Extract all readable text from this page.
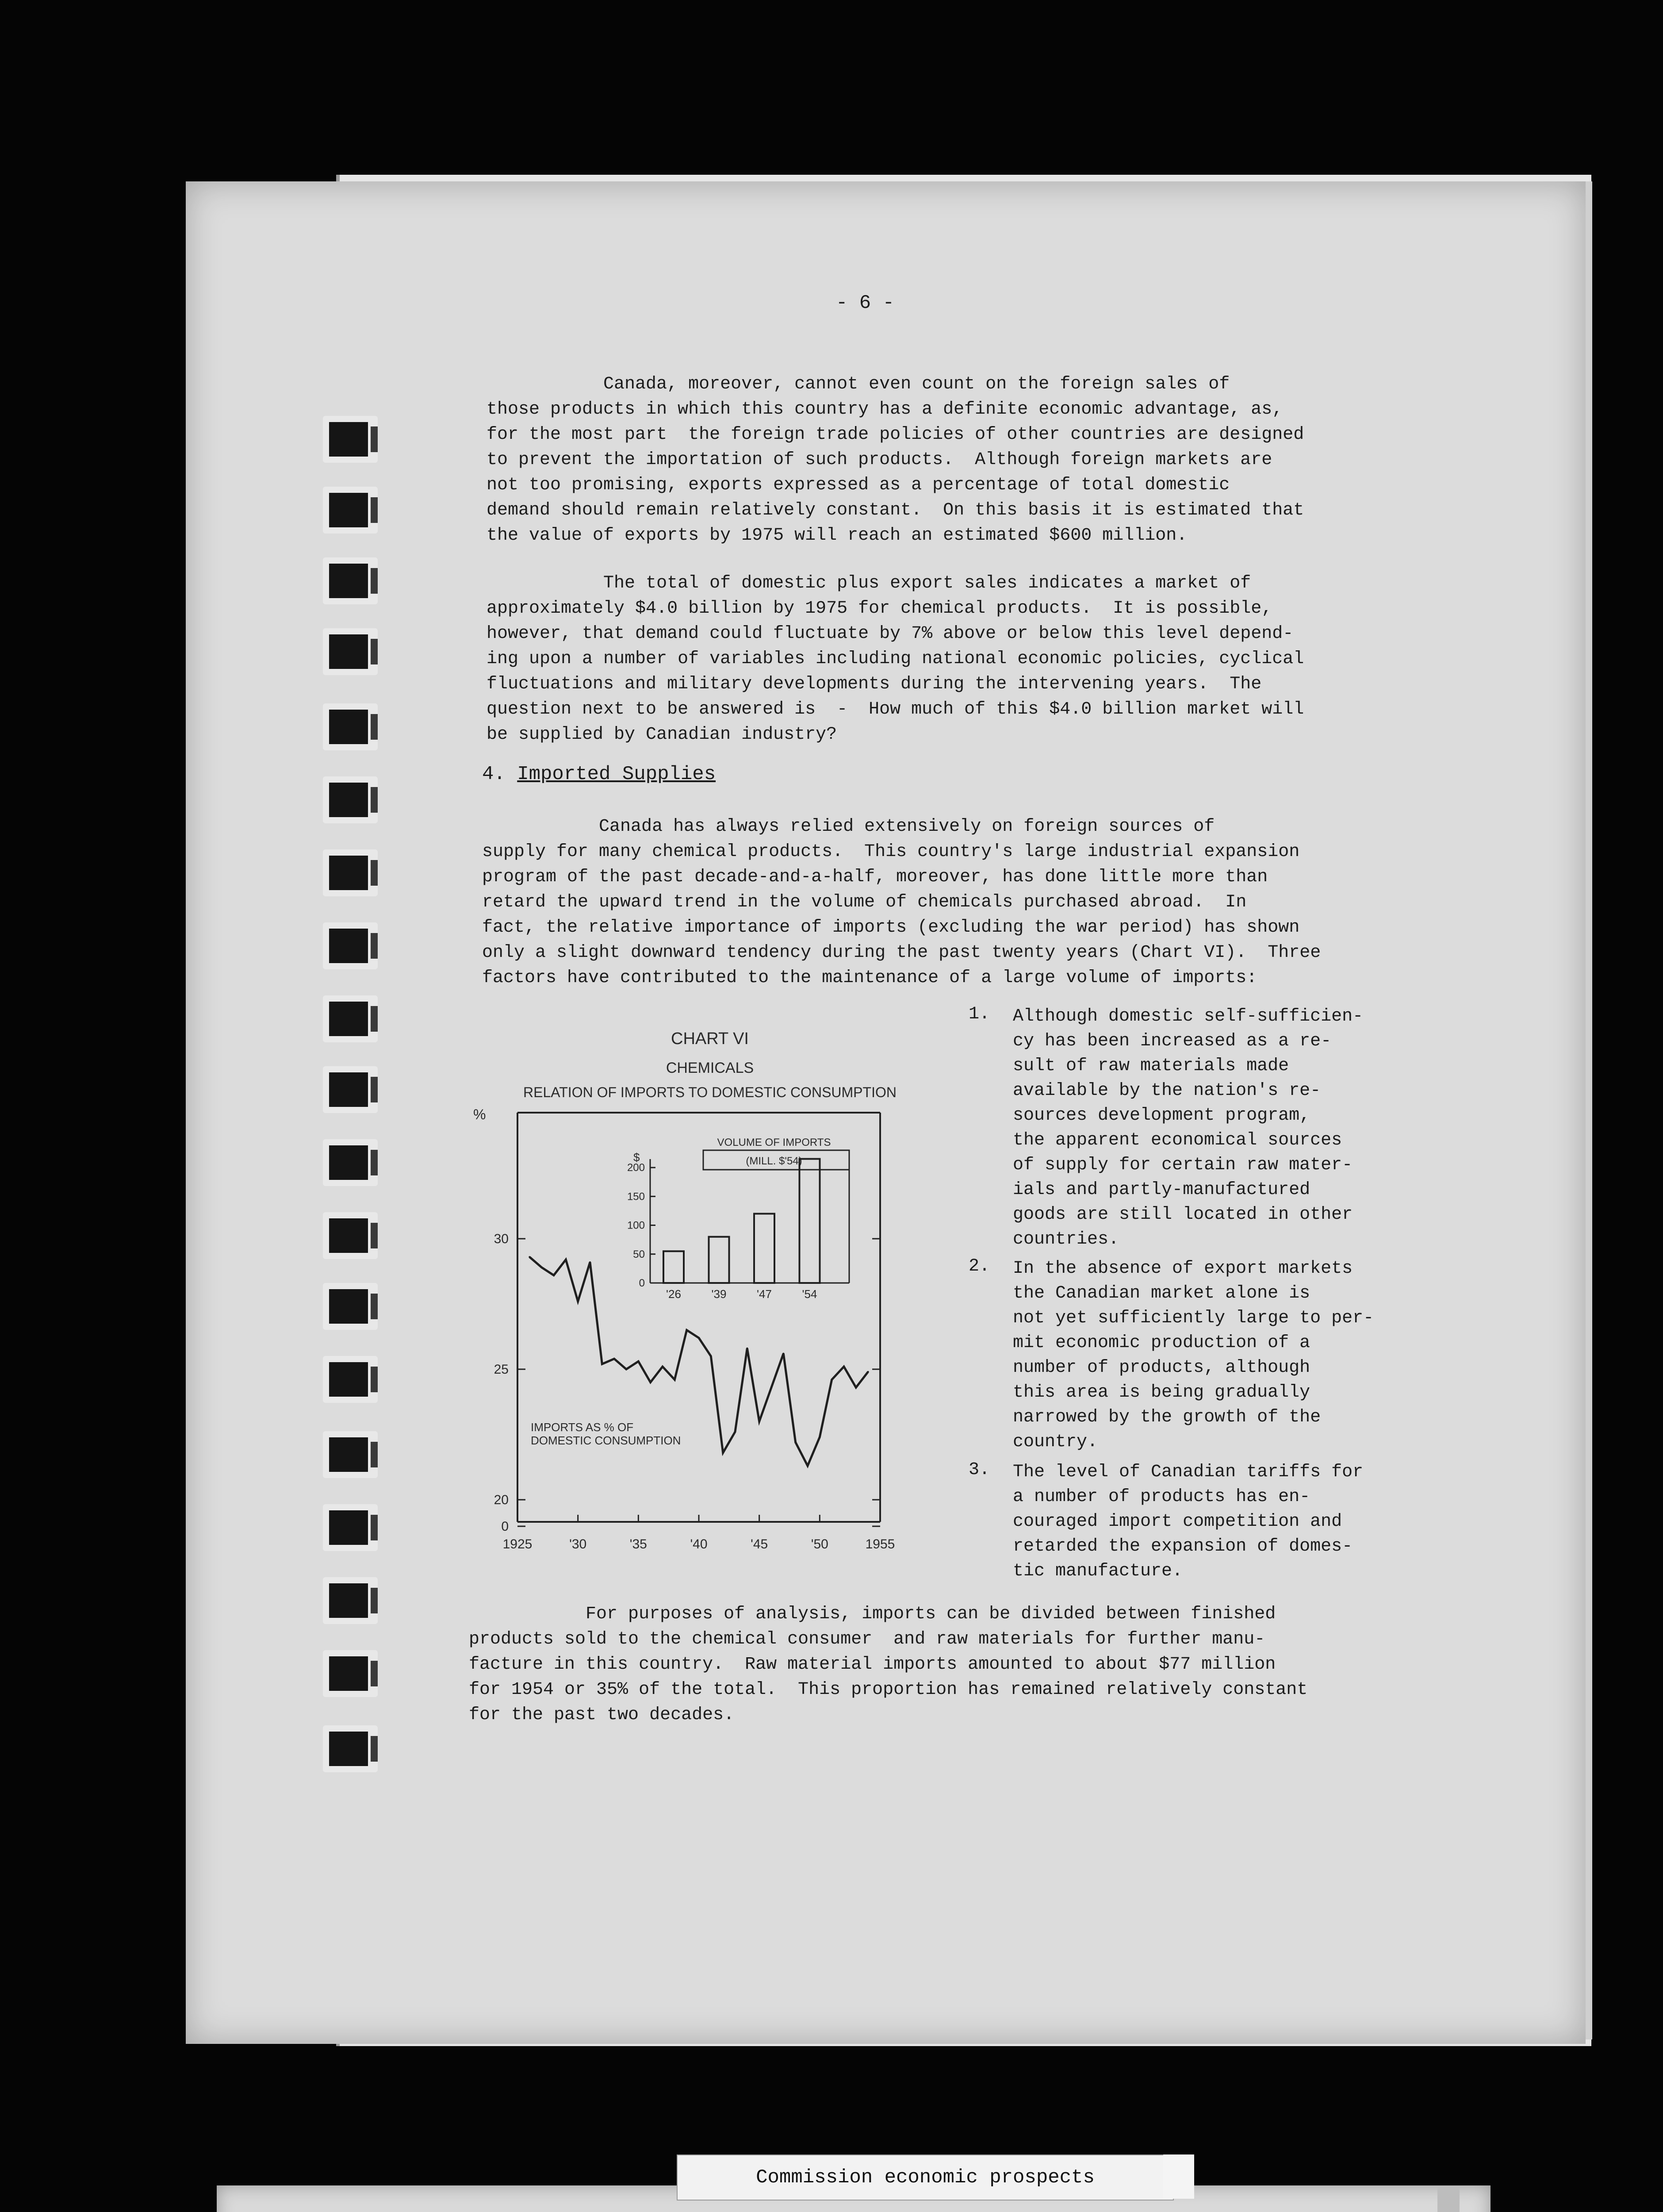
- 6 -
Canada, moreover, cannot even count on the foreign sales of
those products in which this country has a definite economic advantage, as,
for the most part  the foreign trade policies of other countries are designed
to prevent the importation of such products.  Although foreign markets are
not too promising, exports expressed as a percentage of total domestic
demand should remain relatively constant.  On this basis it is estimated that
the value of exports by 1975 will reach an estimated $600 million.
The total of domestic plus export sales indicates a market of
approximately $4.0 billion by 1975 for chemical products.  It is possible,
however, that demand could fluctuate by 7% above or below this level depend-
ing upon a number of variables including national economic policies, cyclical
fluctuations and military developments during the intervening years.  The
question next to be answered is  -  How much of this $4.0 billion market will
be supplied by Canadian industry?
4. Imported Supplies
Canada has always relied extensively on foreign sources of
supply for many chemical products.  This country's large industrial expansion
program of the past decade-and-a-half, moreover, has done little more than
retard the upward trend in the volume of chemicals purchased abroad.  In
fact, the relative importance of imports (excluding the war period) has shown
only a slight downward tendency during the past twenty years (Chart VI).  Three
factors have contributed to the maintenance of a large volume of imports:
1. Although domestic self-sufficien-
cy has been increased as a re-
sult of raw materials made
available by the nation's re-
sources development program,
the apparent economical sources
of supply for certain raw mater-
ials and partly-manufactured
goods are still located in other
countries.
2. In the absence of export markets
the Canadian market alone is
not yet sufficiently large to per-
mit economic production of a
number of products, although
this area is being gradually
narrowed by the growth of the
country.
3. The level of Canadian tariffs for
a number of products has en-
couraged import competition and
retarded the expansion of domes-
tic manufacture.
CHART VI
CHEMICALS
RELATION OF IMPORTS TO DOMESTIC CONSUMPTION
%
0
20
25
30
1925	'30	'35	'40	'45	'50	1955
IMPORTS AS % OF
DOMESTIC CONSUMPTION
VOLUME OF IMPORTS
(MILL. $'54)
$
0
50
100
150
200
'26	'39	'47	'54
For purposes of analysis, imports can be divided between finished
products sold to the chemical consumer  and raw materials for further manu-
facture in this country.  Raw material imports amounted to about $77 million
for 1954 or 35% of the total.  This proportion has remained relatively constant
for the past two decades.
Commission economic prospects
